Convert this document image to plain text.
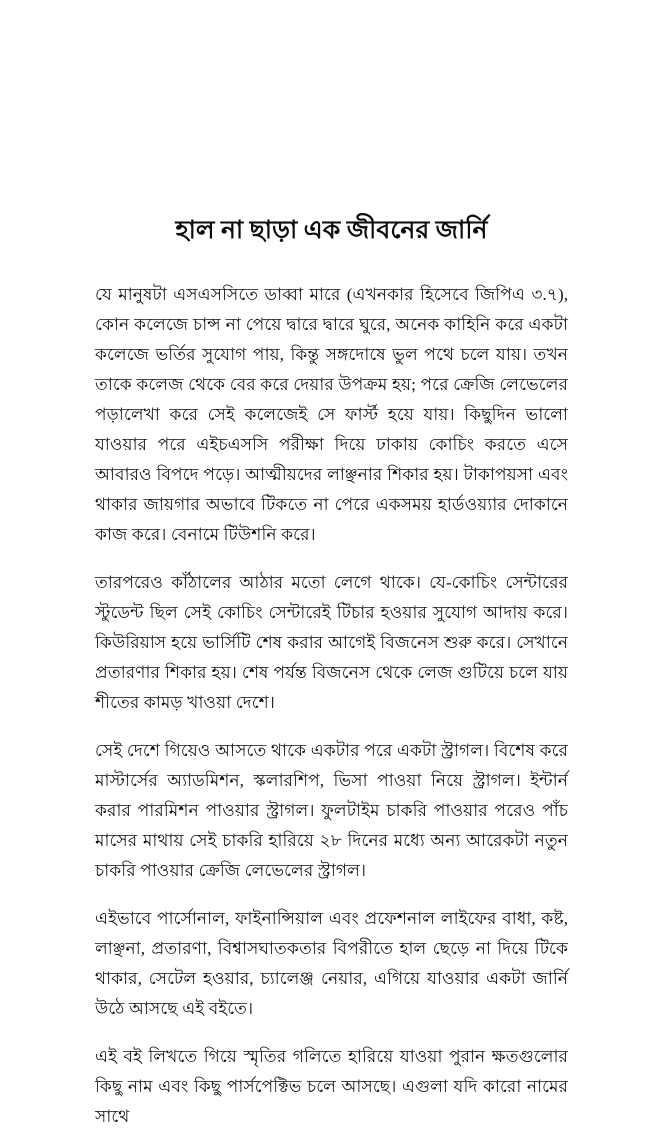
হাল না ছাড়া এক জীবনের জার্নি

যে মানুষটা এসএসসিতে ডাব্বা মারে (এখনকার হিসেবে জিপিএ ৩.৭), কোন কলেজে চান্স না পেয়ে দ্বারে দ্বারে ঘুরে, অনেক কাহিনি করে একটা কলেজে ভর্তির সুযোগ পায়, কিন্তু সঙ্গদোষে ভুল পথে চলে যায়। তখন তাকে কলেজ থেকে বের করে দেয়ার উপক্রম হয়; পরে ক্রেজি লেভেলের পড়ালেখা করে সেই কলেজেই সে ফার্স্ট হয়ে যায়। কিছুদিন ভালো যাওয়ার পরে এইচএসসি পরীক্ষা দিয়ে ঢাকায় কোচিং করতে এসে আবারও বিপদে পড়ে। আত্মীয়দের লাঞ্ছনার শিকার হয়। টাকাপয়সা এবং থাকার জায়গার অভাবে টিকতে না পেরে একসময় হার্ডওয়্যার দোকানে কাজ করে। বেনামে টিউশনি করে।

তারপরেও কাঁঠালের আঠার মতো লেগে থাকে। যে-কোচিং সেন্টারের স্টুডেন্ট ছিল সেই কোচিং সেন্টারেই টিচার হওয়ার সুযোগ আদায় করে। কিউরিয়াস হয়ে ভার্সিটি শেষ করার আগেই বিজনেস শুরু করে। সেখানে প্রতারণার শিকার হয়। শেষ পর্যন্ত বিজনেস থেকে লেজ গুটিয়ে চলে যায় শীতের কামড় খাওয়া দেশে।

সেই দেশে গিয়েও আসতে থাকে একটার পরে একটা স্ট্রাগল। বিশেষ করে মাস্টার্সের অ্যাডমিশন, স্কলারশিপ, ভিসা পাওয়া নিয়ে স্ট্রাগল। ইন্টার্ন করার পারমিশন পাওয়ার স্ট্রাগল। ফুলটাইম চাকরি পাওয়ার পরেও পাঁচ মাসের মাথায় সেই চাকরি হারিয়ে ২৮ দিনের মধ্যে অন্য আরেকটা নতুন চাকরি পাওয়ার ক্রেজি লেভেলের স্ট্রাগল।

এইভাবে পার্সোনাল, ফাইনান্সিয়াল এবং প্রফেশনাল লাইফের বাধা, কষ্ট, লাঞ্ছনা, প্রতারণা, বিশ্বাসঘাতকতার বিপরীতে হাল ছেড়ে না দিয়ে টিকে থাকার, সেটেল হওয়ার, চ্যালেঞ্জ নেয়ার, এগিয়ে যাওয়ার একটা জার্নি উঠে আসছে এই বইতে।

এই বই লিখতে গিয়ে স্মৃতির গলিতে হারিয়ে যাওয়া পুরান ক্ষতগুলোর কিছু নাম এবং কিছু পার্সপেক্টিভ চলে আসছে। এগুলা যদি কারো নামের সাথে
